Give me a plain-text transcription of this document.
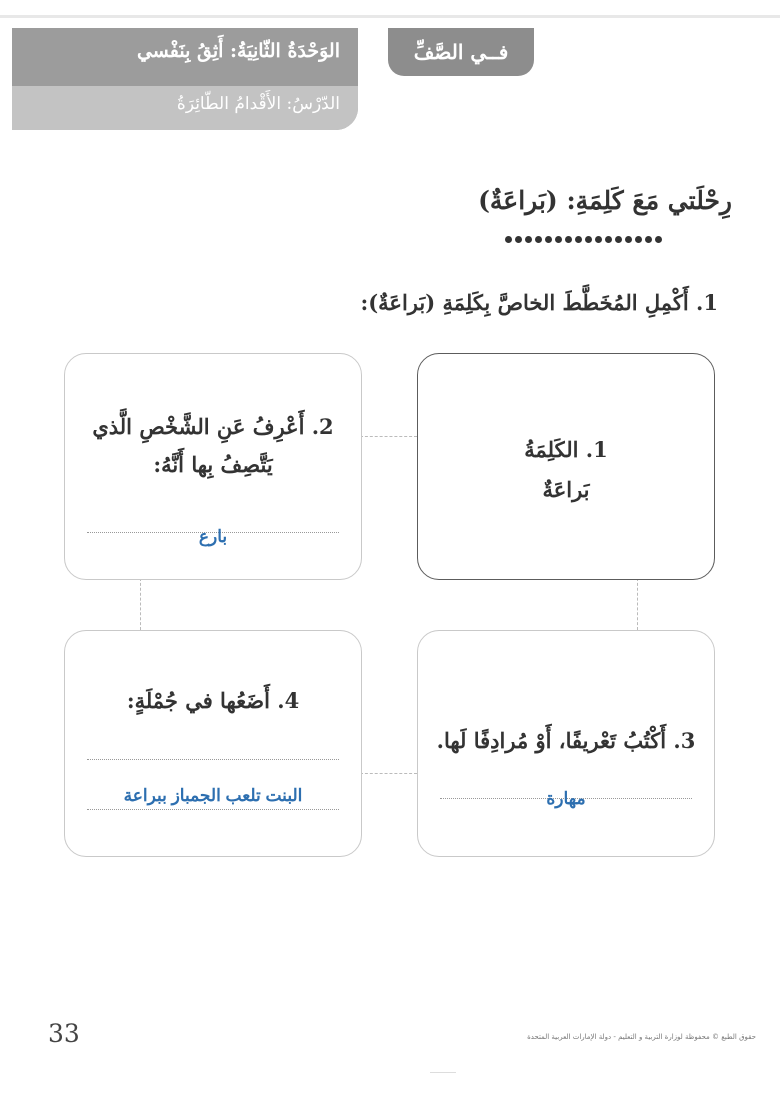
الوَحْدَةُ الثّانِيَةُ: أَثِقُ بِنَفْسي
الدّرْسُ: الأَقْدامُ الطّائِرَةُ
فــي الصَّفِّ
رِحْلَتي مَعَ كَلِمَةِ: (بَراعَةٌ)
1. أَكْمِلِ المُخَطَّطَ الخاصَّ بِكَلِمَةِ (بَراعَةٌ):
1. الكَلِمَةُ
بَراعَةٌ
2. أَعْرِفُ عَنِ الشَّخْصِ الَّذي
يَتَّصِفُ بِها أَنَّهُ:
بارع
3. أَكْتُبُ تَعْريفًا، أَوْ مُرادِفًا لَها.
مهارة
4. أَضَعُها في جُمْلَةٍ:
البنت تلعب الجمباز ببراعة
33	حقوق الطبع © محفوظة لوزارة التربية و التعليم - دولة الإمارات العربية المتحدة
